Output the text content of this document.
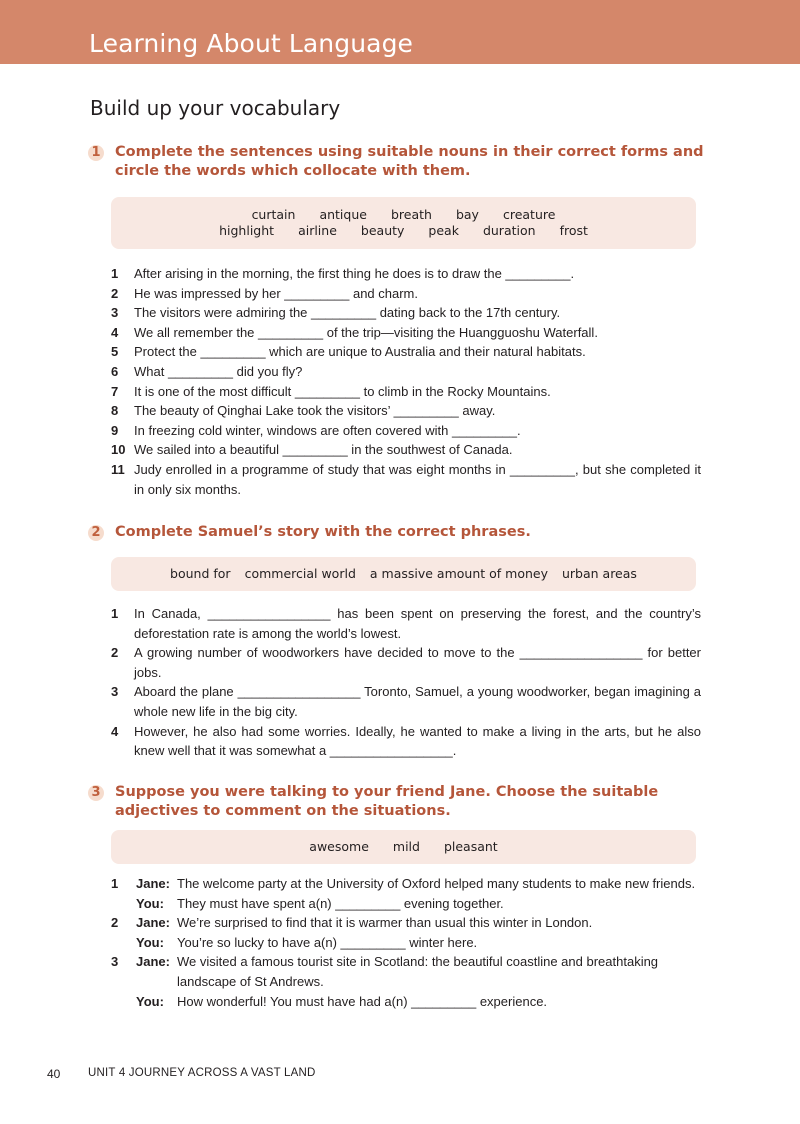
Learning About Language
Build up your vocabulary
1 Complete the sentences using suitable nouns in their correct forms and circle the words which collocate with them.
curtain antique breath bay creature
highlight airline beauty peak duration frost
1	After arising in the morning, the first thing he does is to draw the _________.
2	He was impressed by her _________ and charm.
3	The visitors were admiring the _________ dating back to the 17th century.
4	We all remember the _________ of the trip—visiting the Huangguoshu Waterfall.
5	Protect the _________ which are unique to Australia and their natural habitats.
6	What _________ did you fly?
7	It is one of the most difficult _________ to climb in the Rocky Mountains.
8	The beauty of Qinghai Lake took the visitors’ _________ away.
9	In freezing cold winter, windows are often covered with _________.
10 We sailed into a beautiful _________ in the southwest of Canada.
11 Judy enrolled in a programme of study that was eight months in _________, but she completed it in only six months.
2 Complete Samuel’s story with the correct phrases.
bound for commercial world a massive amount of money urban areas
1	In Canada, _________________ has been spent on preserving the forest, and the country’s deforestation rate is among the world’s lowest.
2	A growing number of woodworkers have decided to move to the _________________ for better jobs.
3	Aboard the plane _________________ Toronto, Samuel, a young woodworker, began imagining a whole new life in the big city.
4	However, he also had some worries. Ideally, he wanted to make a living in the arts, but he also knew well that it was somewhat a _________________.
3 Suppose you were talking to your friend Jane. Choose the suitable adjectives to comment on the situations.
awesome mild pleasant
1 Jane: The welcome party at the University of Oxford helped many students to make new friends.
You: They must have spent a(n) _________ evening together.
2 Jane: We’re surprised to find that it is warmer than usual this winter in London.
You: You’re so lucky to have a(n) _________ winter here.
3 Jane: We visited a famous tourist site in Scotland: the beautiful coastline and breathtaking landscape of St Andrews.
You: How wonderful! You must have had a(n) _________ experience.
40 UNIT 4 JOURNEY ACROSS A VAST LAND
